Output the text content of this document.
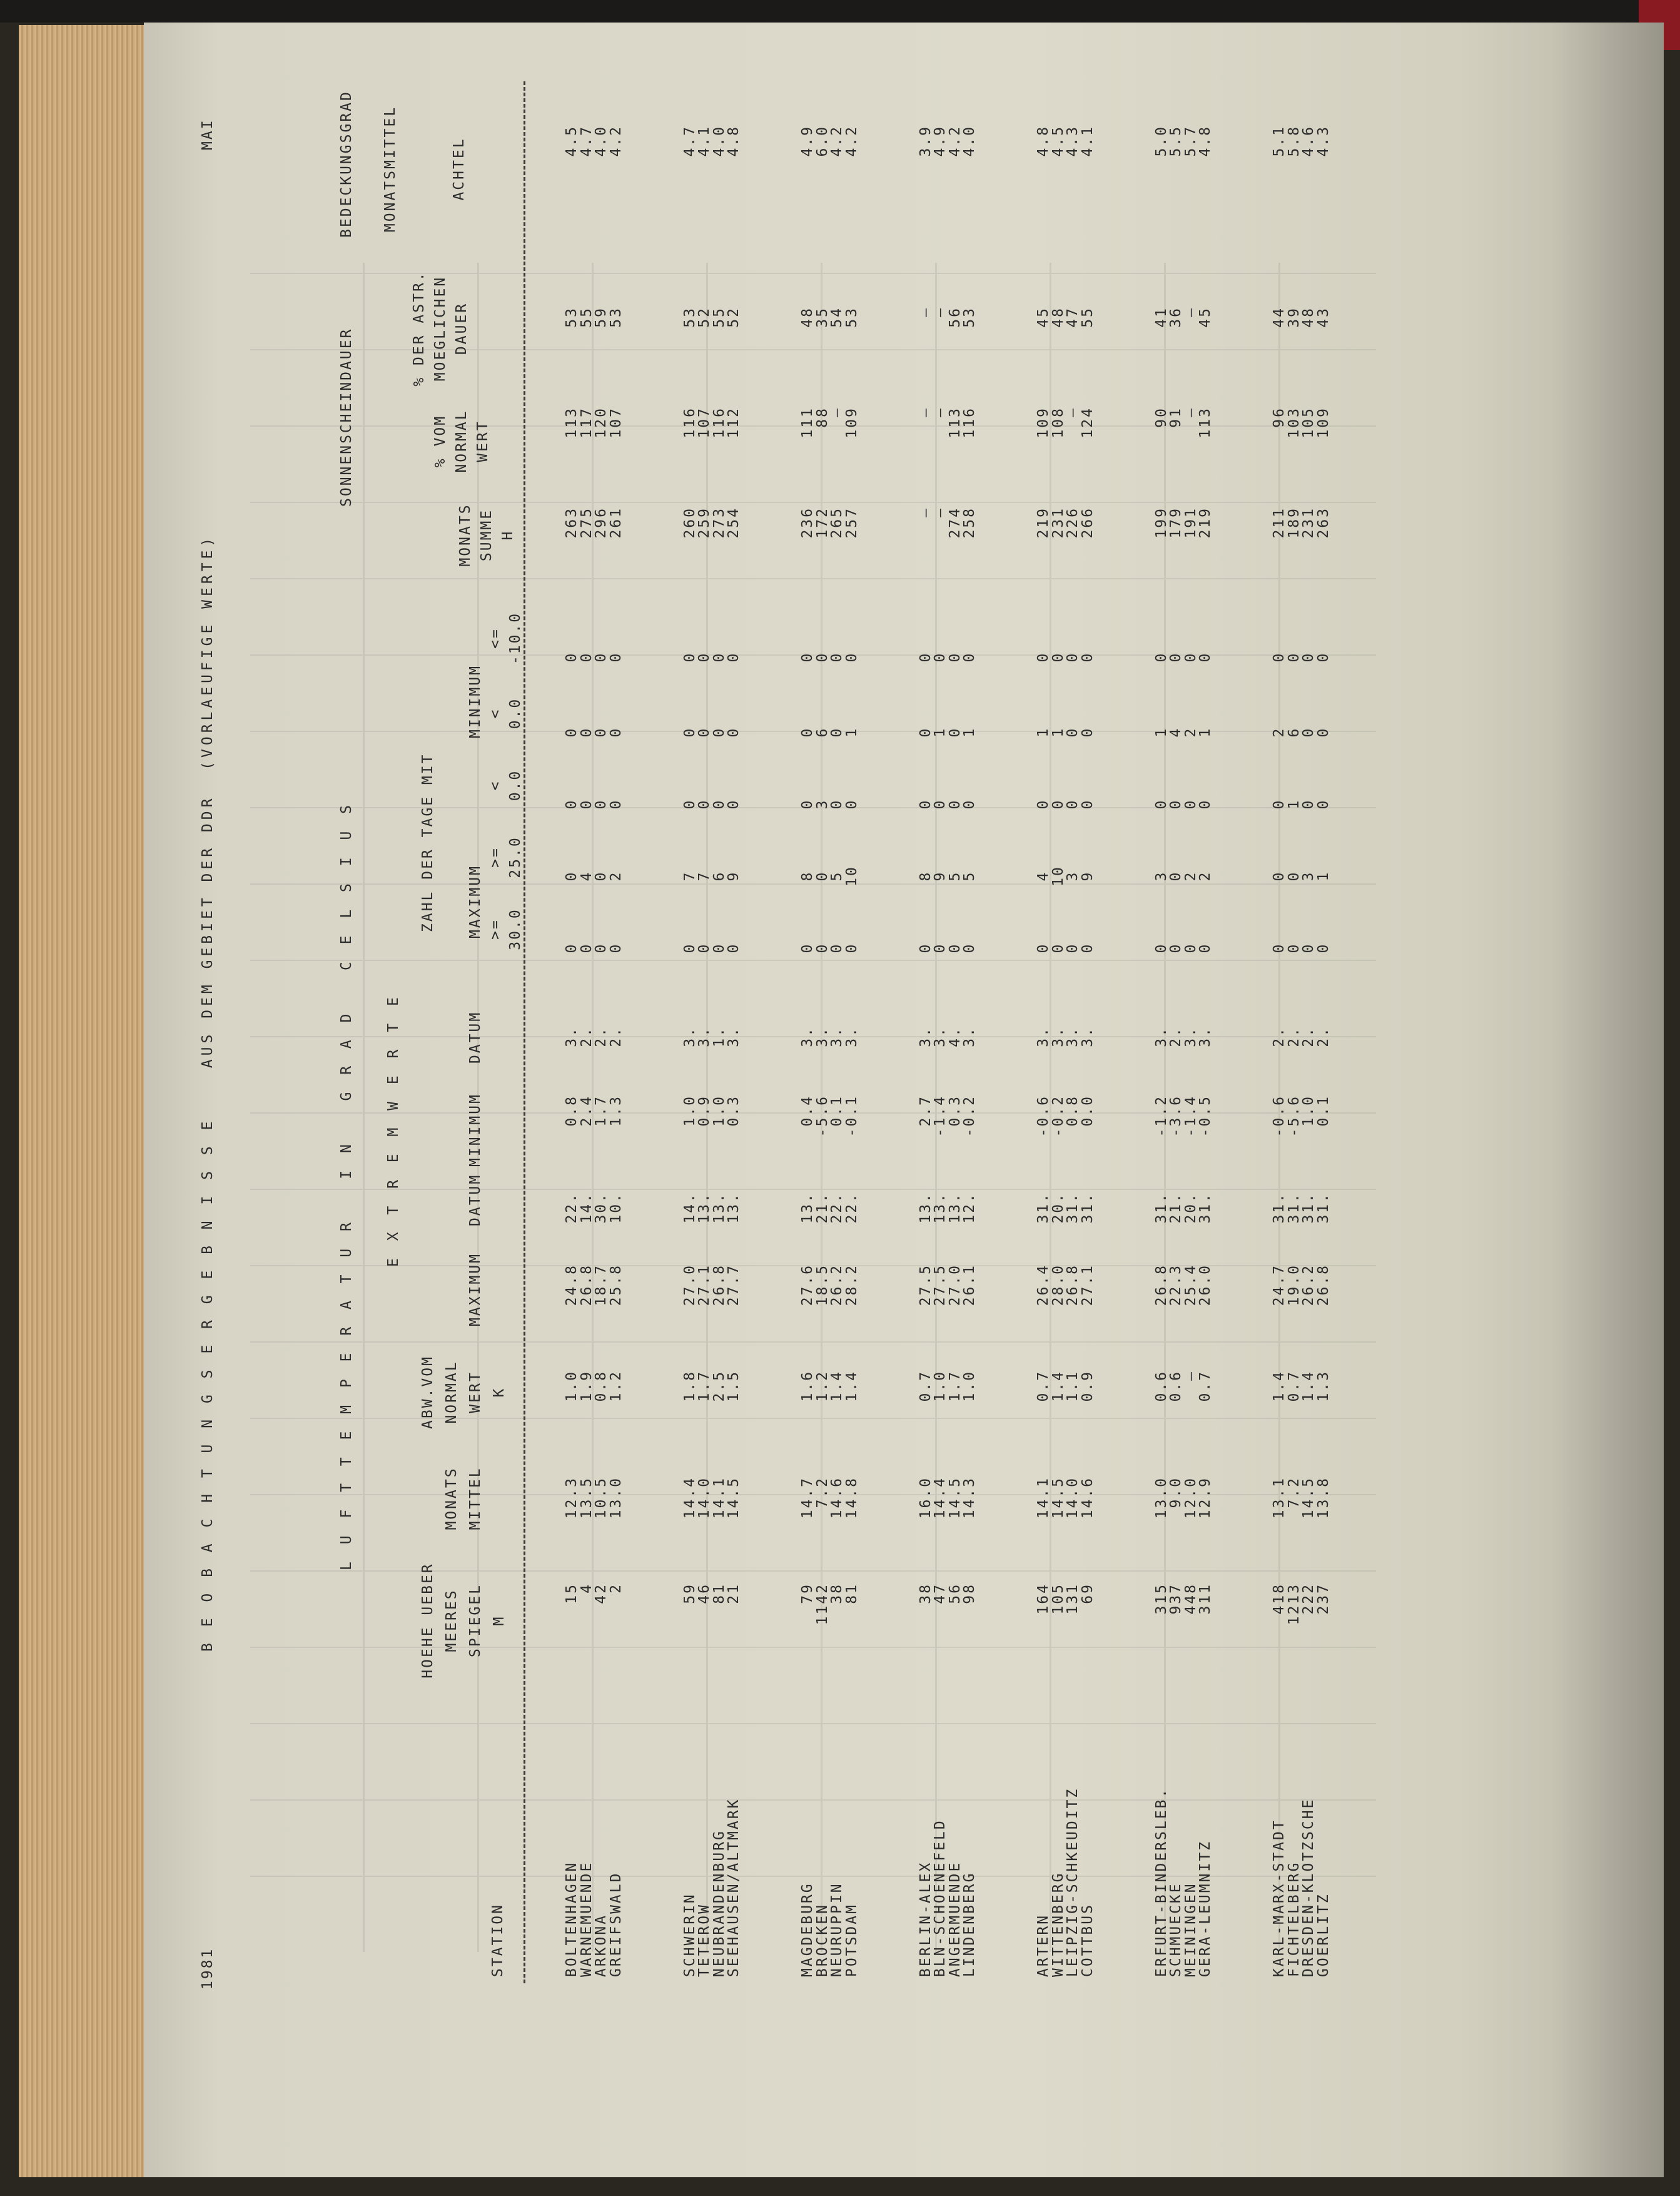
1981
B E O B A C H T U N G S E R G E B N I S S E    AUS DEM GEBIET DER DDR  (VORLAEUFIGE WERTE)
MAI
L U F T T E M P E R A T U R   I N   G R A D   C E L S I U S E X T R E M W E R T E
ZAHL DER TAGE MIT
SONNENSCHEINDAUER
BEDECKUNGSGRAD
STATION
HOEHE UEBER MEERES SPIEGEL M
MONATS MITTEL
ABW.VOM NORMAL WERT K
MAXIMUM
DATUM
MINIMUM
DATUM
MAXIMUM
MINIMUM
>=
>=
<
<
<=
30.0
25.0
0.0
0.0
-10.0
MONATS SUMME H
% VOM NORMAL WERT
% DER ASTR. MOEGLICHEN DAUER
MONATSMITTEL	ACHTEL
BOLTENHAGEN
15
12.3
1.0
24.8
22.
0.8
3.
0
0
0
0
0
263
113
53
4.5
WARNEMUENDE
4
13.5
1.9
26.8
14.
2.4
2.
0
4
0
0
0
275
117
55
4.7
ARKONA
42
10.5
0.8
18.7
30.
1.7
2.
0
0
0
0
0
296
120
59
4.0
GREIFSWALD
2
13.0
1.2
25.8
10.
1.3
2.
0
2
0
0
0
261
107
53
4.2
SCHWERIN
59
14.4
1.8
27.0
14.
1.0
3.
0
7
0
0
0
260
116
53
4.7
TETEROW
46
14.0
1.7
27.1
13.
0.9
3.
0
7
0
0
0
259
107
52
4.1
NEUBRANDENBURG
81
14.1
2.5
26.8
13.
1.0
1.
0
6
0
0
0
273
116
55
4.0
SEEHAUSEN/ALTMARK
21
14.5
1.5
27.7
13.
0.3
3.
0
9
0
0
0
254
112
52
4.8
MAGDEBURG
79
14.7
1.6
27.6
13.
0.4
3.
0
8
0
0
0
236
111
48
4.9
BROCKEN
1142
7.2
1.2
18.5
21.
-5.6
3.
0
0
3
6
0
172
88
35
6.0
NEURUPPIN
38
14.6
1.4
26.2
22.
0.1
3.
0
5
0
0
0
265
—
54
4.2
POTSDAM
81
14.8
1.4
28.2
22.
-0.1
3.
0
10
0
1
0
257
109
53
4.2
BERLIN-ALEX
38
16.0
0.7
27.5
13.
2.7
3.
0
8
0
0
0
—
—
—
3.9
BLN-SCHOENEFELD
47
14.4
1.0
27.5
13.
-1.4
3.
0
9
0
1
0
—
—
—
4.9
ANGERMUENDE
56
14.5
1.7
27.0
13.
0.3
4.
0
5
0
0
0
274
113
56
4.2
LINDENBERG
98
14.3
1.0
26.1
12.
-0.2
3.
0
5
0
1
0
258
116
53
4.0
ARTERN
164
14.1
0.7
26.4
31.
-0.6
3.
0
4
0
1
0
219
109
45
4.8
WITTENBERG
105
14.5
1.4
28.0
20.
-0.2
3.
0
10
0
1
0
231
108
48
4.5
LEIPZIG-SCHKEUDITZ
131
14.0
1.1
26.8
31.
0.8
3.
0
3
0
0
0
226
—
47
4.3
COTTBUS
69
14.6
0.9
27.1
31.
0.0
3.
0
9
0
0
0
266
124
55
4.1
ERFURT-BINDERSLEB.
315
13.0
0.6
26.8
31.
-1.2
3.
0
3
0
1
0
199
90
41
5.0
SCHMUECKE
937
9.0
0.6
22.3
21.
-3.6
2.
0
0
0
4
0
179
91
36
5.5
MEININGEN
448
12.0
—
25.4
20.
-1.4
3.
0
2
0
2
0
191
—
—
5.7
GERA-LEUMNITZ
311
12.9
0.7
26.0
31.
-0.5
3.
0
2
0
1
0
219
113
45
4.8
KARL-MARX-STADT
418
13.1
1.4
24.7
31.
-0.6
2.
0
0
0
2
0
211
96
44
5.1
FICHTELBERG
1213
7.2
0.7
19.0
31.
-5.6
2.
0
0
1
6
0
189
103
39
5.8
DRESDEN-KLOTZSCHE
222
14.5
1.4
26.2
31.
1.0
2.
0
3
0
0
0
231
105
48
4.6
GOERLITZ
237
13.8
1.3
26.8
31.
0.1
2.
0
1
0
0
0
263
109
43
4.3
